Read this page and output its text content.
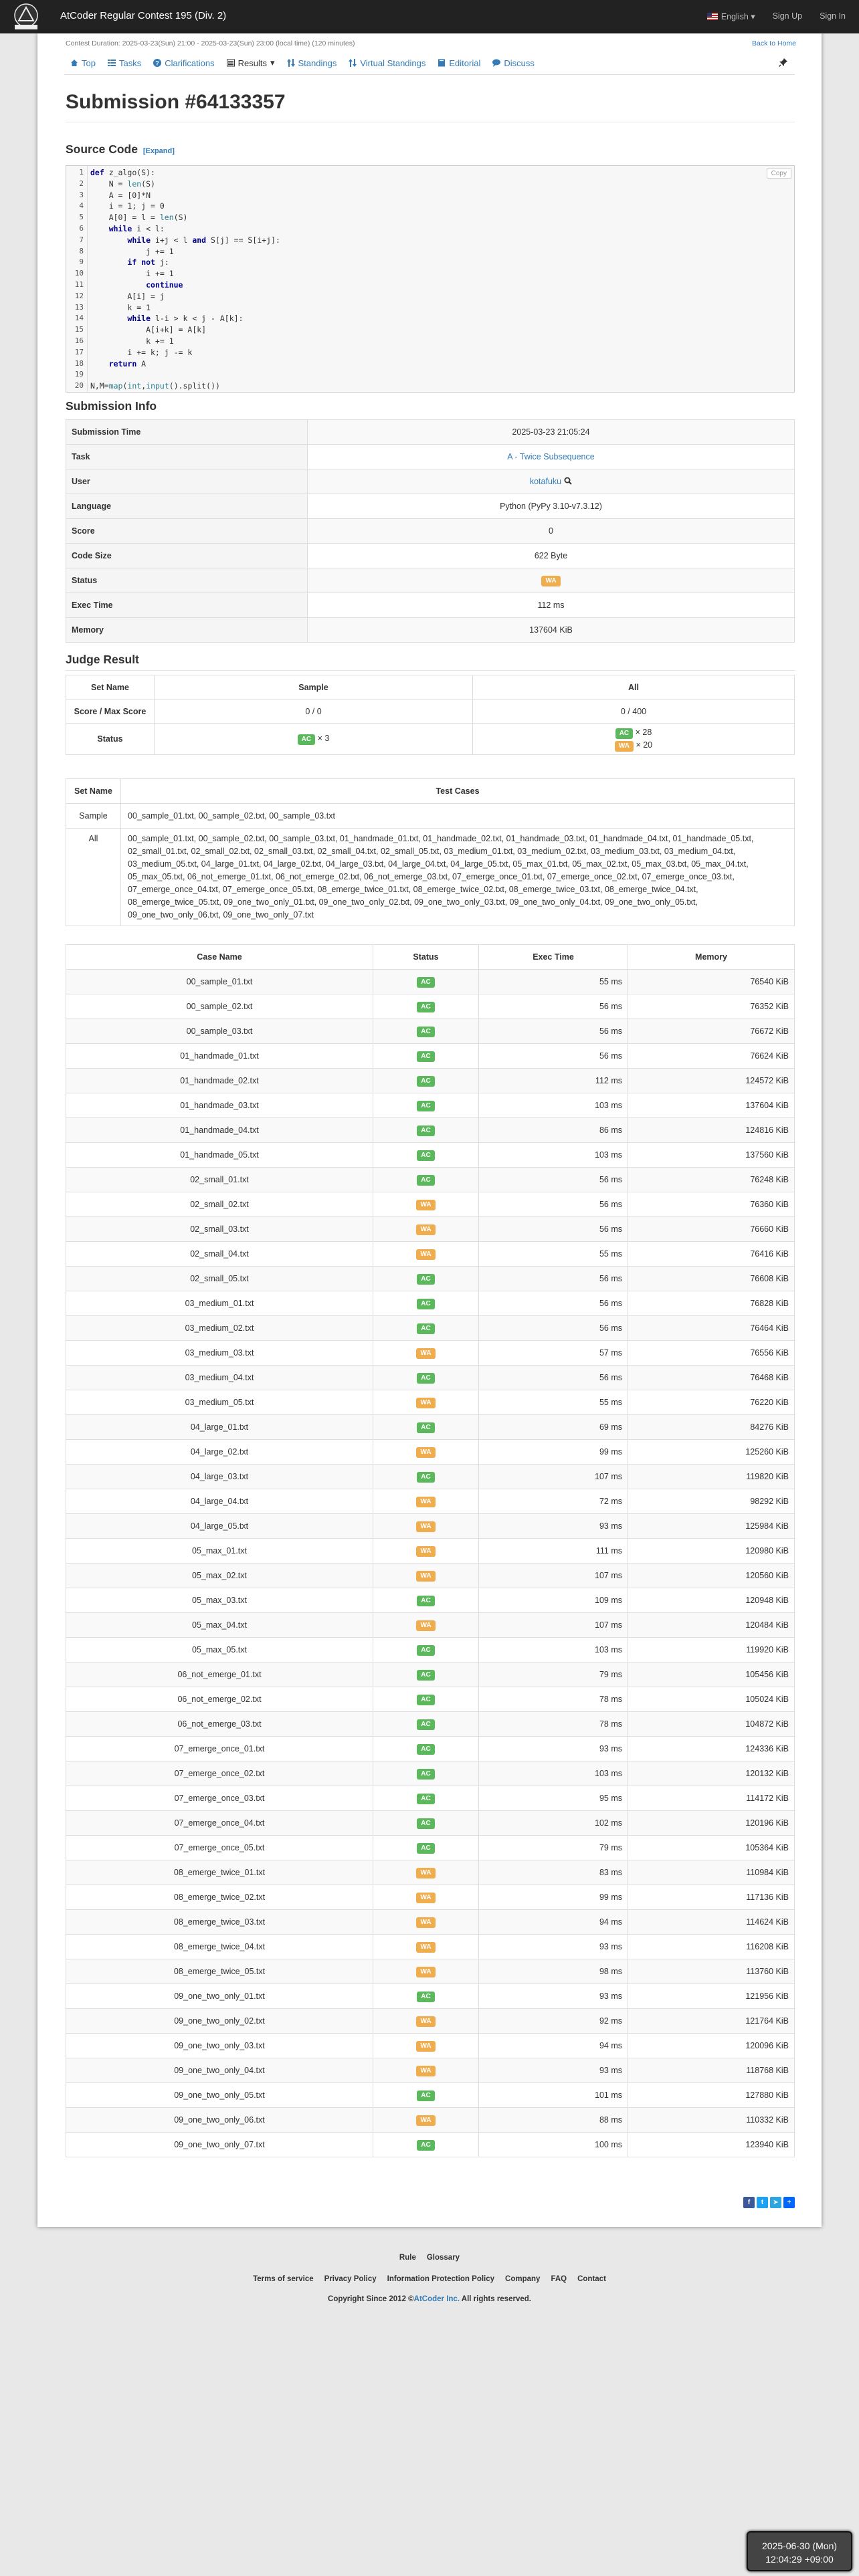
AtCoder Regular Contest 195 (Div. 2)	English ▾ Sign Up Sign In
Contest Duration: 2025-03-23(Sun) 21:00 - 2025-03-23(Sun) 23:00 (local time) (120 minutes)	Back to Home
Top	Tasks ? Clarifications	Results ▾	Standings	Virtual Standings	Editorial	Discuss
Submission #64133357
Source Code [Expand]
Copy
1 def z_algo(S):
2 N = len(S)
3 A = [0]*N
4 i = 1; j = 0
5 A[0] = l = len(S)
6	while i < l:
7	while i+j < l and S[j] == S[i+j]:
8 j += 1
9	if not j:
10 i += 1
11	continue
12 A[i] = j
13 k = 1
14	while l-i > k < j - A[k]:
15 A[i+k] = A[k]
16 k += 1
17 i += k; j -= k
18	return A
19
20 N,M=map(int,input().split())
Submission Info
Submission Time	2025-03-23 21:05:24
Task	A - Twice Subsequence
User	kotafuku
Language	Python (PyPy 3.10-v7.3.12)
Score	0
Code Size	622 Byte
Status	WA
Exec Time	112 ms
Memory	137604 KiB
Judge Result
Set Name	Sample	All
Score / Max Score	0 / 0	0 / 400
Status	AC × 3	AC × 28
WA × 20
Set Name	Test Cases
Sample	00_sample_01.txt, 00_sample_02.txt, 00_sample_03.txt
All	00_sample_01.txt, 00_sample_02.txt, 00_sample_03.txt, 01_handmade_01.txt, 01_handmade_02.txt, 01_handmade_03.txt, 01_handmade_04.txt, 01_handmade_05.txt, 02_small_01.txt, 02_small_02.txt, 02_small_03.txt, 02_small_04.txt, 02_small_05.txt, 03_medium_01.txt, 03_medium_02.txt, 03_medium_03.txt, 03_medium_04.txt, 03_medium_05.txt, 04_large_01.txt, 04_large_02.txt, 04_large_03.txt, 04_large_04.txt, 04_large_05.txt, 05_max_01.txt, 05_max_02.txt, 05_max_03.txt, 05_max_04.txt, 05_max_05.txt, 06_not_emerge_01.txt, 06_not_emerge_02.txt, 06_not_emerge_03.txt, 07_emerge_once_01.txt, 07_emerge_once_02.txt, 07_emerge_once_03.txt, 07_emerge_once_04.txt, 07_emerge_once_05.txt, 08_emerge_twice_01.txt, 08_emerge_twice_02.txt, 08_emerge_twice_03.txt, 08_emerge_twice_04.txt, 08_emerge_twice_05.txt, 09_one_two_only_01.txt, 09_one_two_only_02.txt, 09_one_two_only_03.txt, 09_one_two_only_04.txt, 09_one_two_only_05.txt, 09_one_two_only_06.txt, 09_one_two_only_07.txt
Case Name	Status	Exec Time	Memory
00_sample_01.txt	AC	55 ms	76540 KiB
00_sample_02.txt	AC	56 ms	76352 KiB
00_sample_03.txt	AC	56 ms	76672 KiB
01_handmade_01.txt	AC	56 ms	76624 KiB
01_handmade_02.txt	AC	112 ms	124572 KiB
01_handmade_03.txt	AC	103 ms	137604 KiB
01_handmade_04.txt	AC	86 ms	124816 KiB
01_handmade_05.txt	AC	103 ms	137560 KiB
02_small_01.txt	AC	56 ms	76248 KiB
02_small_02.txt	WA	56 ms	76360 KiB
02_small_03.txt	WA	56 ms	76660 KiB
02_small_04.txt	WA	55 ms	76416 KiB
02_small_05.txt	AC	56 ms	76608 KiB
03_medium_01.txt	AC	56 ms	76828 KiB
03_medium_02.txt	AC	56 ms	76464 KiB
03_medium_03.txt	WA	57 ms	76556 KiB
03_medium_04.txt	AC	56 ms	76468 KiB
03_medium_05.txt	WA	55 ms	76220 KiB
04_large_01.txt	AC	69 ms	84276 KiB
04_large_02.txt	WA	99 ms	125260 KiB
04_large_03.txt	AC	107 ms	119820 KiB
04_large_04.txt	WA	72 ms	98292 KiB
04_large_05.txt	WA	93 ms	125984 KiB
05_max_01.txt	WA	111 ms	120980 KiB
05_max_02.txt	WA	107 ms	120560 KiB
05_max_03.txt	AC	109 ms	120948 KiB
05_max_04.txt	WA	107 ms	120484 KiB
05_max_05.txt	AC	103 ms	119920 KiB
06_not_emerge_01.txt	AC	79 ms	105456 KiB
06_not_emerge_02.txt	AC	78 ms	105024 KiB
06_not_emerge_03.txt	AC	78 ms	104872 KiB
07_emerge_once_01.txt	AC	93 ms	124336 KiB
07_emerge_once_02.txt	AC	103 ms	120132 KiB
07_emerge_once_03.txt	AC	95 ms	114172 KiB
07_emerge_once_04.txt	AC	102 ms	120196 KiB
07_emerge_once_05.txt	AC	79 ms	105364 KiB
08_emerge_twice_01.txt	WA	83 ms	110984 KiB
08_emerge_twice_02.txt	WA	99 ms	117136 KiB
08_emerge_twice_03.txt	WA	94 ms	114624 KiB
08_emerge_twice_04.txt	WA	93 ms	116208 KiB
08_emerge_twice_05.txt	WA	98 ms	113760 KiB
09_one_two_only_01.txt	AC	93 ms	121956 KiB
09_one_two_only_02.txt	WA	92 ms	121764 KiB
09_one_two_only_03.txt	WA	94 ms	120096 KiB
09_one_two_only_04.txt	WA	93 ms	118768 KiB
09_one_two_only_05.txt	AC	101 ms	127880 KiB
09_one_two_only_06.txt	WA	88 ms	110332 KiB
09_one_two_only_07.txt	AC	100 ms	123940 KiB
f	t	➤	+
Rule Glossary
Terms of service Privacy Policy Information Protection Policy Company FAQ Contact
Copyright Since 2012 © AtCoder Inc. All rights reserved.
2025-06-30 (Mon)
12:04:29 +09:00
